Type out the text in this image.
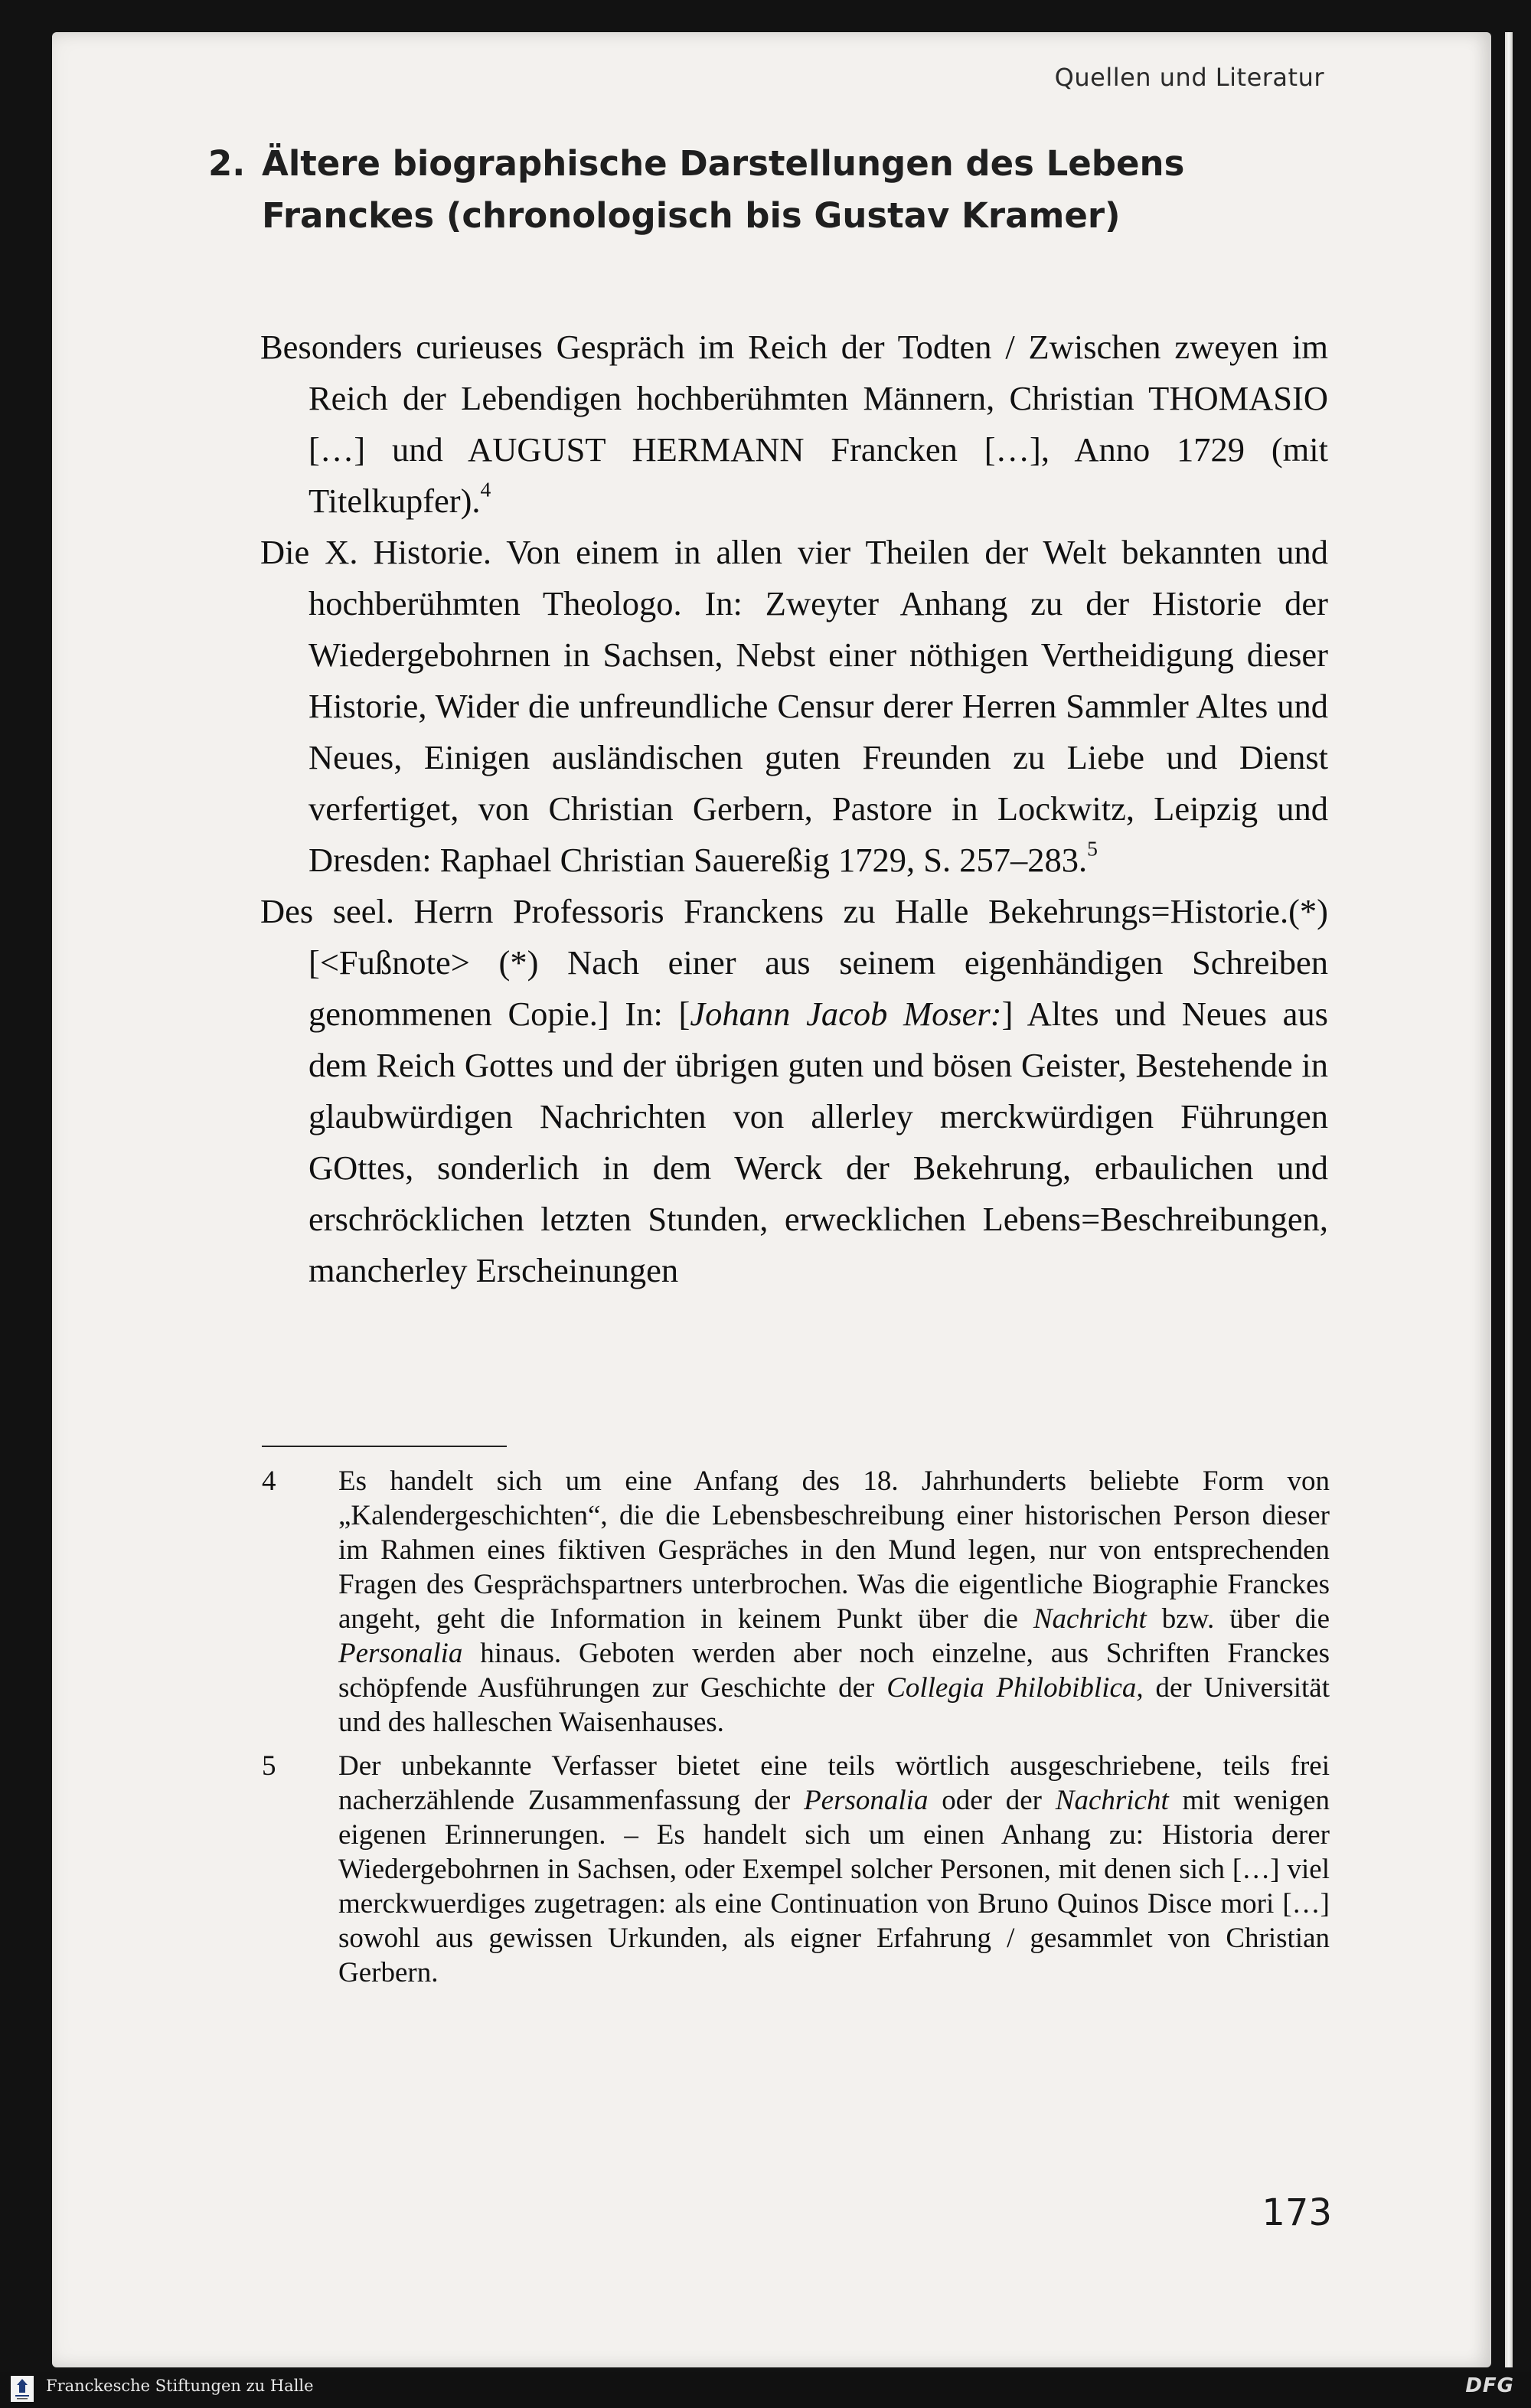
Quellen und Literatur
2. Ältere biographische Darstellungen des Lebens
Franckes (chronologisch bis Gustav Kramer)

Besonders curieuses Gespräch im Reich der Todten / Zwischen zweyen im Reich der Lebendigen hochberühmten Männern, Christian THOMASIO […] und AUGUST HERMANN Francken […], Anno 1729 (mit Titelkupfer).$^4$

Die X. Historie. Von einem in allen vier Theilen der Welt bekannten und hochberühmten Theologo. In: Zweyter Anhang zu der Historie der Wiedergebohrnen in Sachsen, Nebst einer nöthigen Vertheidigung dieser Historie, Wider die unfreundliche Censur derer Herren Sammler Altes und Neues, Einigen ausländischen guten Freunden zu Liebe und Dienst verfertiget, von Christian Gerbern, Pastore in Lockwitz, Leipzig und Dresden: Raphael Christian Sauereßig 1729, S. 257–283.$^5$

Des seel. Herrn Professoris Franckens zu Halle Bekehrungs=Historie.(*) [<Fußnote> (*) Nach einer aus seinem eigenhändigen Schreiben genommenen Copie.] In: [Johann Jacob Moser:] Altes und Neues aus dem Reich Gottes und der übrigen guten und bösen Geister, Bestehende in glaubwürdigen Nachrichten von allerley merckwürdigen Führungen GOttes, sonderlich in dem Werck der Bekehrung, erbaulichen und erschröcklichen letzten Stunden, erwecklichen Lebens=Beschreibungen, mancherley Erscheinungen

4	Es handelt sich um eine Anfang des 18. Jahrhunderts beliebte Form von „Kalendergeschichten“, die die Lebensbeschreibung einer historischen Person dieser im Rahmen eines fiktiven Gespräches in den Mund legen, nur von entsprechenden Fragen des Gesprächspartners unterbrochen. Was die eigentliche Biographie Franckes angeht, geht die Information in keinem Punkt über die Nachricht bzw. über die Personalia hinaus. Geboten werden aber noch einzelne, aus Schriften Franckes schöpfende Ausführungen zur Geschichte der Collegia Philobiblica, der Universität und des halleschen Waisenhauses.
5	Der unbekannte Verfasser bietet eine teils wörtlich ausgeschriebene, teils frei nacherzählende Zusammenfassung der Personalia oder der Nachricht mit wenigen eigenen Erinnerungen. – Es handelt sich um einen Anhang zu: Historia derer Wiedergebohrnen in Sachsen, oder Exempel solcher Personen, mit denen sich […] viel merckwuerdiges zugetragen: als eine Continuation von Bruno Quinos Disce mori […] sowohl aus gewissen Urkunden, als eigner Erfahrung / gesammlet von Christian Gerbern.
173
Franckesche Stiftungen zu Halle	DFG
